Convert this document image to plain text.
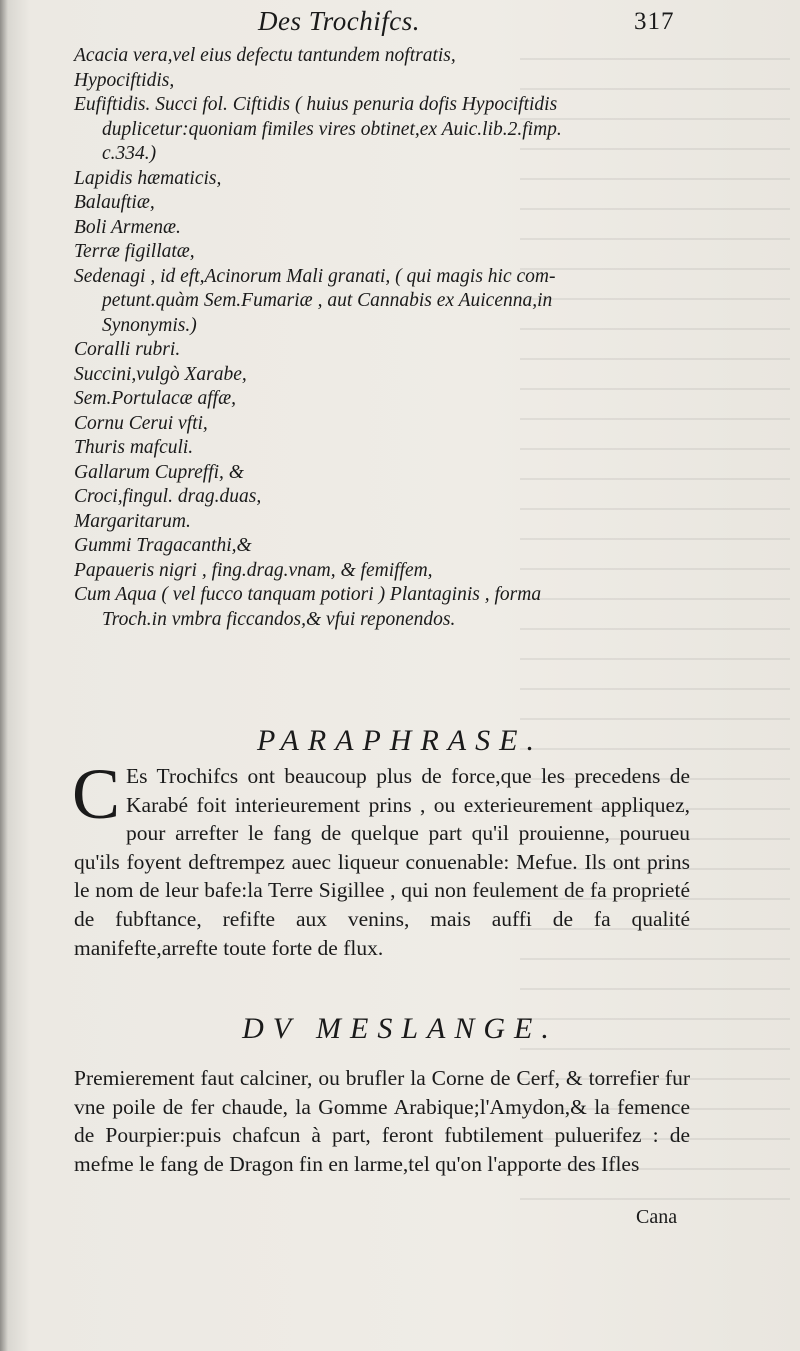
Des Trochifcs.	317
Acacia vera,vel eius defectu tantundem noftratis,
Hypociftidis,
Eufiftidis. Succi fol. Ciftidis ( huius penuria dofis Hypociftidis
duplicetur:quoniam fimiles vires obtinet,ex Auic.lib.2.fimp.
c.334.)
Lapidis hæmaticis,
Balauftiæ,
Boli Armenæ.
Terræ figillatæ,
Sedenagi , id eft,Acinorum Mali granati, ( qui magis hic com-
petunt.quàm Sem.Fumariæ , aut Cannabis ex Auicenna,in
Synonymis.)
Coralli rubri.
Succini,vulgò Xarabe,
Sem.Portulacæ affæ,
Cornu Cerui vfti,
Thuris mafculi.
Gallarum Cupreffi, &
Croci,fingul. drag.duas,
Margaritarum.
Gummi Tragacanthi,&
Papaueris nigri , fing.drag.vnam, & femiffem,
Cum Aqua ( vel fucco tanquam potiori ) Plantaginis , forma
Troch.in vmbra ficcandos,& vfui reponendos.
PARAPHRASE.

C Es Trochifcs ont beaucoup plus de force,que les precedens de Karabé foit interieurement prins , ou exterieurement appliquez, pour arrefter le fang de quelque part qu'il prouienne, pourueu qu'ils foyent deftrempez auec liqueur conuenable: Mefue. Ils ont prins le nom de leur bafe:la Terre Sigillee , qui non feulement de fa proprieté de fubftance, refifte aux venins, mais auffi de fa qualité manifefte,arrefte toute forte de flux.

DV MESLANGE.

Premierement faut calciner, ou brufler la Corne de Cerf, & torrefier fur vne poile de fer chaude, la Gomme Arabique;l'Amydon,& la femence de Pourpier:puis chafcun à part, feront fubtilement puluerifez : de mefme le fang de Dragon fin en larme,tel qu'on l'apporte des Ifles

Cana
